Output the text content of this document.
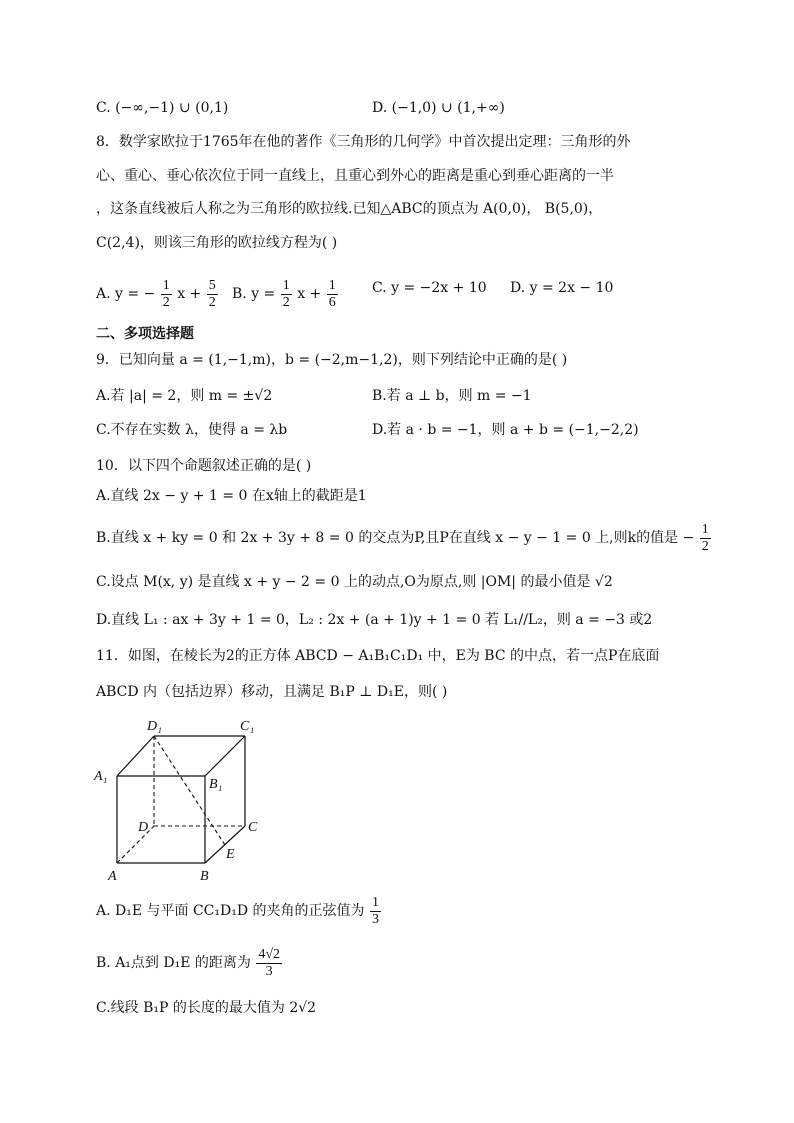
C. (−∞,−1) ∪ (0,1)	D. (−1,0) ∪ (1,+∞)
8．数学家欧拉于1765年在他的著作《三角形的几何学》中首次提出定理：三角形的外
心、重心、垂心依次位于同一直线上，且重心到外心的距离是重心到垂心距离的一半
，这条直线被后人称之为三角形的欧拉线.已知△ABC的顶点为 A(0,0)， B(5,0)，
C(2,4)，则该三角形的欧拉线方程为( )
A. y = − $\frac{1}{2}$ $x + \frac{5}{2} B$. $y = \frac{1}{2}$ $x + \frac{1}{6} C$. y = −2x + 10 D. y = 2x − 10
二、多项选择题
9．已知向量 a = (1,−1,m)，b = (−2,m−1,2)，则下列结论中正确的是( )
A.若 |a| = 2，则 m = ±√2	B.若 a ⊥ b，则 m = −1
C.不存在实数 λ，使得 a = λb	D.若 a · b = −1，则 a + b = (−1,−2,2)
10．以下四个命题叙述正确的是( )
A.直线 2x − y + 1 = 0 在x轴上的截距是1
B.直线 x + ky = 0 和 2x + 3y + 8 = 0 的交点为P,且P在直线 x − y − 1 = 0 上,则k的值是 − $\frac{1}{2}$
C.设点 M(x, y) 是直线 x + y − 2 = 0 上的动点,O为原点,则 |OM| 的最小值是 √2
D.直线 L₁ : ax + 3y + 1 = 0，L₂ : 2x + (a + 1)y + 1 = 0 若 L₁//L₂，则 a = −3 或2
11．如图，在棱长为2的正方体 ABCD − A₁B₁C₁D₁ 中，E为 BC 的中点，若一点P在底面
ABCD 内（包括边界）移动，且满足 B₁P ⊥ D₁E，则( )
D₁	C₁
A₁
B₁
D	C
E
A	B
A. D₁E 与平面 CC₁D₁D 的夹角的正弦值为 $\frac{1}{3}$
B. A₁点到 D₁E 的距离为 $\frac{4√2}{3}$
C.线段 B₁P 的长度的最大值为 2√2
